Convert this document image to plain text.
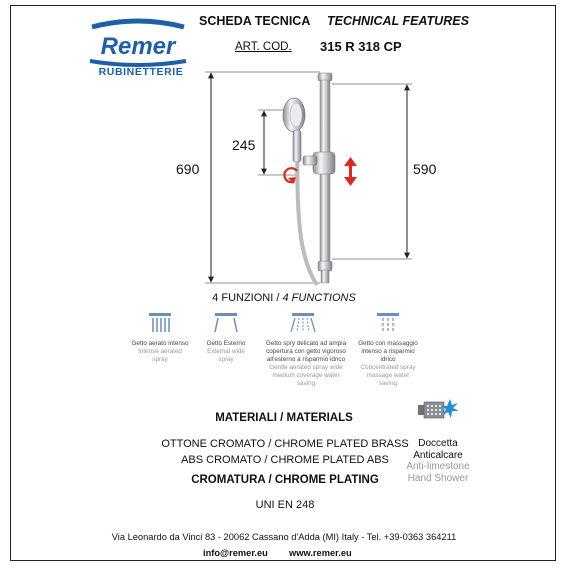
Remer
RUBINETTERIE
SCHEDA TECNICA TECHNICAL FEATURES
ART. COD. 315 R 318 CP
690	590
245
4 FUNZIONI / 4 FUNCTIONS
Getto aerato intenso
Intense aerated
spray
Getto Esterno
External wide
spray
Getto spry delicato ad ampia
copertura con getto vigoroso
all'esterno a risparmio idrico
Gentle aerated spray wide
medium coverage water
saving
Getto con massaggio
intenso a risparmio
idrico
Concentrated spray
massage water
saving
MATERIALI / MATERIALS
OTTONE CROMATO / CHROME PLATED BRASS
ABS CROMATO / CHROME PLATED ABS
CROMATURA / CHROME PLATING
UNI EN 248
Doccetta
Anticalcare
Anti-limestone
Hand Shower
Via Leonardo da Vinci 83 - 20062 Cassano d'Adda (MI) Italy - Tel. +39-0363 364211
info@remer.eu www.remer.eu
